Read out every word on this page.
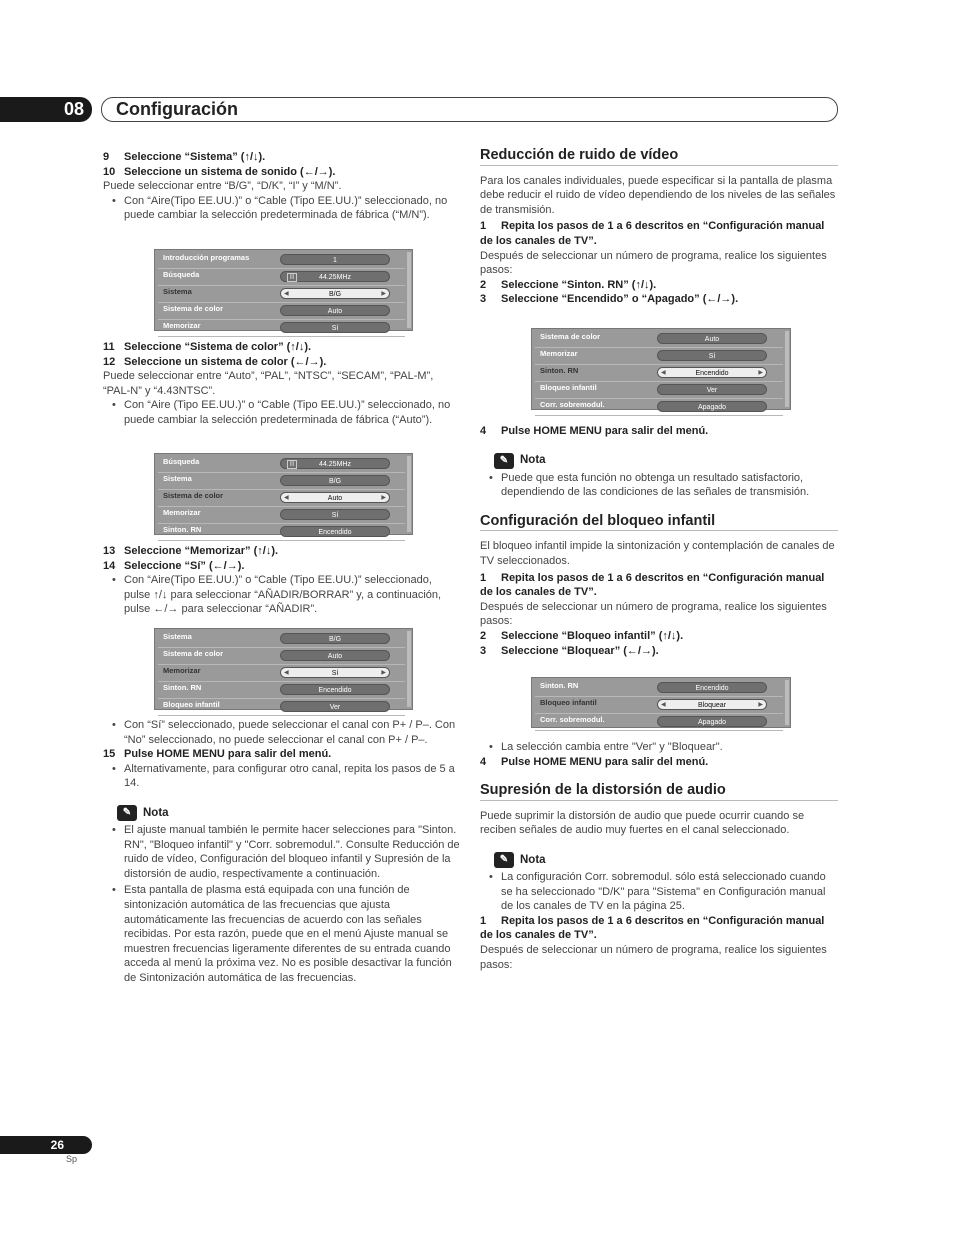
08	Configuración

9 Seleccione “Sistema” (↑/↓).

10 Seleccione un sistema de sonido (←/→).

Puede seleccionar entre “B/G”, “D/K”, “I” y “M/N”.

• Con “Aire(Tipo EE.UU.)” o “Cable (Tipo EE.UU.)” seleccionado, no puede cambiar la selección predeterminada de fábrica (“M/N”).

Introducción programas	1
Búsqueda	|||	44.25MHz
Sistema	◀	B/G	▶
Sistema de color	Auto
Memorizar	Sí

11 Seleccione “Sistema de color” (↑/↓).

12 Seleccione un sistema de color (←/→).

Puede seleccionar entre “Auto”, “PAL”, “NTSC”, “SECAM”, “PAL-M”, “PAL-N” y “4.43NTSC”.

• Con “Aire (Tipo EE.UU.)” o “Cable (Tipo EE.UU.)” seleccionado, no puede cambiar la selección predeterminada de fábrica (“Auto”).

Búsqueda	|||	44.25MHz
Sistema	B/G
Sistema de color	◀	Auto	▶
Memorizar	Sí
Sinton. RN	Encendido

13 Seleccione “Memorizar” (↑/↓).

14 Seleccione “Sí” (←/→).

• Con “Aire(Tipo EE.UU.)” o “Cable (Tipo EE.UU.)” seleccionado, pulse ↑/↓ para seleccionar “AÑADIR/BORRAR” y, a continuación, pulse ←/→ para seleccionar “AÑADIR”.

Sistema	B/G
Sistema de color	Auto
Memorizar	◀	Sí	▶
Sinton. RN	Encendido
Bloqueo infantil	Ver

• Con “Sí” seleccionado, puede seleccionar el canal con P+ / P–. Con “No” seleccionado, no puede seleccionar el canal con P+ / P–.

15 Pulse HOME MENU para salir del menú.

• Alternativamente, para configurar otro canal, repita los pasos de 5 a 14.

✎	Nota

• El ajuste manual también le permite hacer selecciones para "Sinton. RN", "Bloqueo infantil" y "Corr. sobremodul.". Consulte Reducción de ruido de vídeo, Configuración del bloqueo infantil y Supresión de la distorsión de audio, respectivamente a continuación.

• Esta pantalla de plasma está equipada con una función de sintonización automática de las frecuencias que ajusta automáticamente las frecuencias de acuerdo con las señales recibidas. Por esta razón, puede que en el menú Ajuste manual se muestren frecuencias ligeramente diferentes de su entrada cuando acceda al menú la próxima vez. No es posible desactivar la función de Sintonización automática de las frecuencias.

Reducción de ruido de vídeo

Para los canales individuales, puede especificar si la pantalla de plasma debe reducir el ruido de vídeo dependiendo de los niveles de las señales de transmisión.

1 Repita los pasos de 1 a 6 descritos en “Configuración manual de los canales de TV”.

Después de seleccionar un número de programa, realice los siguientes pasos:

2 Seleccione “Sinton. RN” (↑/↓).

3 Seleccione “Encendido” o “Apagado” (←/→).

Sistema de color	Auto
Memorizar	Sí
Sinton. RN	◀	Encendido	▶
Bloqueo infantil	Ver
Corr. sobremodul.	Apagado

4 Pulse HOME MENU para salir del menú.

✎	Nota

• Puede que esta función no obtenga un resultado satisfactorio, dependiendo de las condiciones de las señales de transmisión.

Configuración del bloqueo infantil

El bloqueo infantil impide la sintonización y contemplación de canales de TV seleccionados.

1 Repita los pasos de 1 a 6 descritos en “Configuración manual de los canales de TV”.

Después de seleccionar un número de programa, realice los siguientes pasos:

2 Seleccione “Bloqueo infantil” (↑/↓).

3 Seleccione “Bloquear” (←/→).

Sinton. RN	Encendido
Bloqueo infantil	◀	Bloquear	▶
Corr. sobremodul.	Apagado

• La selección cambia entre "Ver" y "Bloquear".

4 Pulse HOME MENU para salir del menú.

Supresión de la distorsión de audio

Puede suprimir la distorsión de audio que puede ocurrir cuando se reciben señales de audio muy fuertes en el canal seleccionado.

✎	Nota

• La configuración Corr. sobremodul. sólo está seleccionado cuando se ha seleccionado "D/K" para "Sistema" en Configuración manual de los canales de TV en la página 25.

1 Repita los pasos de 1 a 6 descritos en “Configuración manual de los canales de TV”.

Después de seleccionar un número de programa, realice los siguientes pasos:

26
Sp
